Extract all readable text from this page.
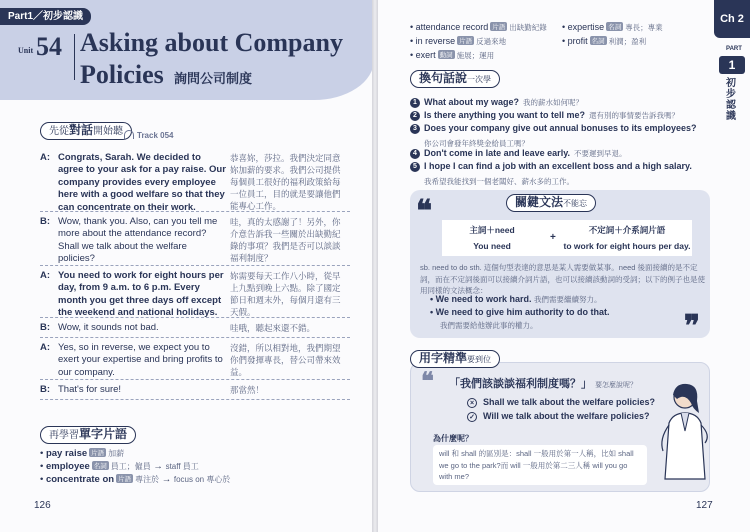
Part1／初步認識
Unit 54 Asking about Company
Policies 詢問公司制度
先從對話開始聽	Track 054
A: Congrats, Sarah. We decided to agree to your ask for a pay raise. Our company provides every employee here with a good welfare so that they can concentrate on their work.
恭喜妳，莎拉。我們決定同意妳加薪的要求。我們公司提供每個員工很好的福利政策給每一位員工，目的就是要讓他們能專心工作。
B: Wow, thank you. Also, can you tell me more about the attendance record? Shall we talk about the welfare policies?
哇，真的太感謝了！另外，你介意告訴我一些關於出缺勤紀錄的事項？我們是否可以談談福利制度？
A: You need to work for eight hours per day, from 9 a.m. to 6 p.m. Every month you get three days off except the weekend and national holidays.
妳需要每天工作八小時，從早上九點到晚上六點。除了國定節日和週末外，每個月還有三天假。
B: Wow, it sounds not bad.	哇哦，聽起來還不錯。
A: Yes, so in reverse, we expect you to exert your expertise and bring profits to our company.
沒錯，所以相對地，我們期望你們發揮專長，替公司帶來效益。
B: That's for sure!	那當然！
再學習單字片語
• pay raise 片語 加薪
• employee 名詞 員工；僱員 → staff 員工
• concentrate on 片語 專注於 → focus on 專心於
126
Ch 2
PART
1
初步認識
• attendance record 片語 出缺勤紀錄 • expertise 名詞 專長；專業
• in reverse 片語 反過來地	• profit 名詞 利潤；盈利
• exert 動詞 施展；運用
換句話說一次學
1 What about my wage? 我的薪水如何呢？
2 Is there anything you want to tell me? 還有別的事情要告訴我嗎？
3 Does your company give out annual bonuses to its employees?
你公司會發年終獎金給員工嗎？
4 Don't come in late and leave early. 不要遲到早退。
5 I hope I can find a job with an excellent boss and a high salary.
我希望我能找到一個老闆好、薪水多的工作。
❝	關鍵文法不能忘
主詞＋need	不定詞＋介系詞片語
+
You need	to work for eight hours per day.
sb. need to do sth. 這個句型表達的意思是某人需要做某事。need 後面接續的是不定詞，而在不定詞後面可以接續介詞片語，也可以接續該動詞的受詞；以下的例子也是使用同樣的文法概念：
• We need to work hard. 我們需要繼續努力。
• We need to give him authority to do that.
我們需要給他辦此事的權力。	❞
用字精準要到位
❝ 「我們該談談福利制度嗎？」 要怎麼說呢？
× Shall we talk about the welfare policies?
✓ Will we talk about the welfare policies?
為什麼呢？
will 和 shall 的區別是：shall 一般用於第一人稱，比如 shall we go to the park?而 will 一般用於第二三人稱 will you go with me?
127
